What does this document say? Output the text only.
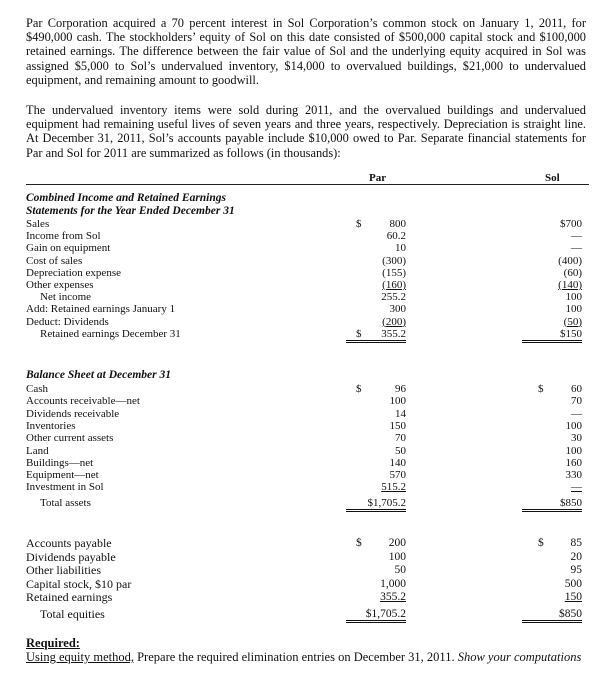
Par Corporation acquired a 70 percent interest in Sol Corporation’s common stock on January 1, 2011, for $490,000 cash. The stockholders’ equity of Sol on this date consisted of $500,000 capital stock and $100,000 retained earnings. The difference between the fair value of Sol and the underlying equity acquired in Sol was assigned $5,000 to Sol’s undervalued inventory, $14,000 to overvalued buildings, $21,000 to undervalued equipment, and remaining amount to goodwill.

The undervalued inventory items were sold during 2011, and the overvalued buildings and undervalued equipment had remaining useful lives of seven years and three years, respectively. Depreciation is straight line. At December 31, 2011, Sol’s accounts payable include $10,000 owed to Par. Separate financial statements for Par and Sol for 2011 are summarized as follows (in thousands):

Par	Sol
Combined Income and Retained Earnings
Statements for the Year Ended December 31
Sales	$	800	$700
Income from Sol	60.2	—
Gain on equipment	10	—
Cost of sales	(300)	(400)
Depreciation expense	(155)	(60)
Other expenses	(160)	(140)
Net income	255.2	100
Add: Retained earnings January 1	300	100
Deduct: Dividends	(200)	(50)
Retained earnings December 31	$	355.2	$150
Balance Sheet at December 31
Cash	$	96	$	60
Accounts receivable—net	100	70
Dividends receivable	14	—
Inventories	150	100
Other current assets	70	30
Land	50	100
Buildings—net	140	160
Equipment—net	570	330
Investment in Sol	515.2	—
Total assets	$1,705.2	$850
Accounts payable	$	200	$	85
Dividends payable	100	20
Other liabilities	50	95
Capital stock, $10 par	1,000	500
Retained earnings	355.2	150
Total equities	$1,705.2	$850
Required:
Using equity method, Prepare the required elimination entries on December 31, 2011. Show your computations
